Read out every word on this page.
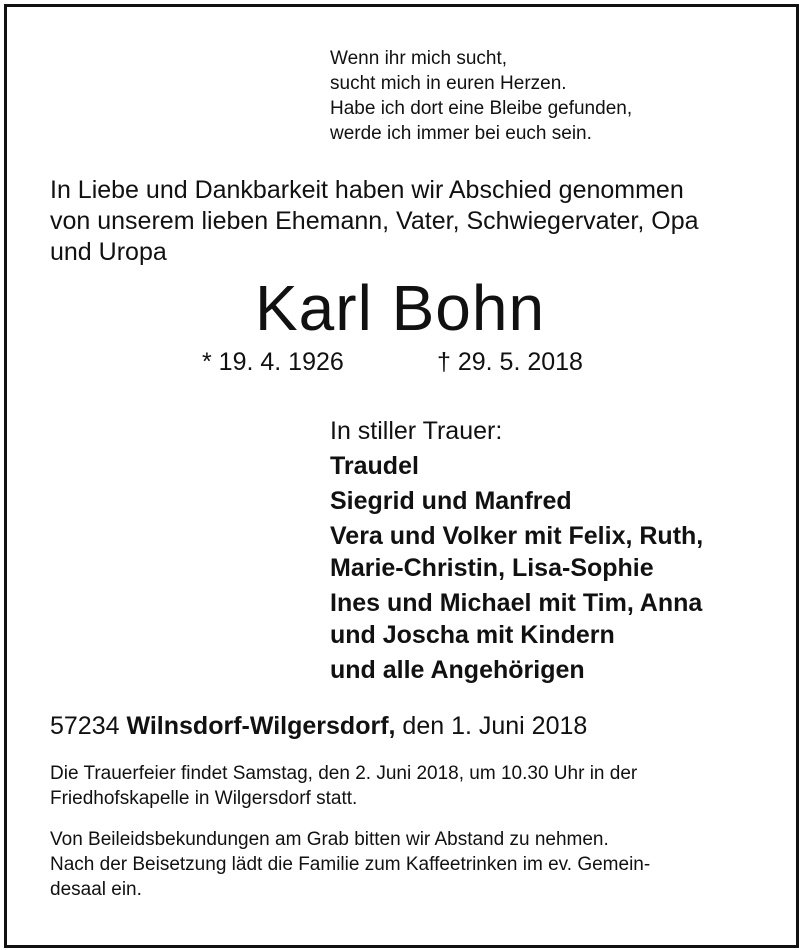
Wenn ihr mich sucht,
sucht mich in euren Herzen.
Habe ich dort eine Bleibe gefunden,
werde ich immer bei euch sein.
In Liebe und Dankbarkeit haben wir Abschied genommen
von unserem lieben Ehemann, Vater, Schwiegervater, Opa
und Uropa
Karl Bohn
* 19. 4. 1926	† 29. 5. 2018
In stiller Trauer:
Traudel
Siegrid und Manfred
Vera und Volker mit Felix, Ruth,
Marie-Christin, Lisa-Sophie
Ines und Michael mit Tim, Anna
und Joscha mit Kindern
und alle Angehörigen
57234 Wilnsdorf-Wilgersdorf, den 1. Juni 2018
Die Trauerfeier findet Samstag, den 2. Juni 2018, um 10.30 Uhr in der
Friedhofskapelle in Wilgersdorf statt.
Von Beileidsbekundungen am Grab bitten wir Abstand zu nehmen.
Nach der Beisetzung lädt die Familie zum Kaffeetrinken im ev. Gemein-
desaal ein.
